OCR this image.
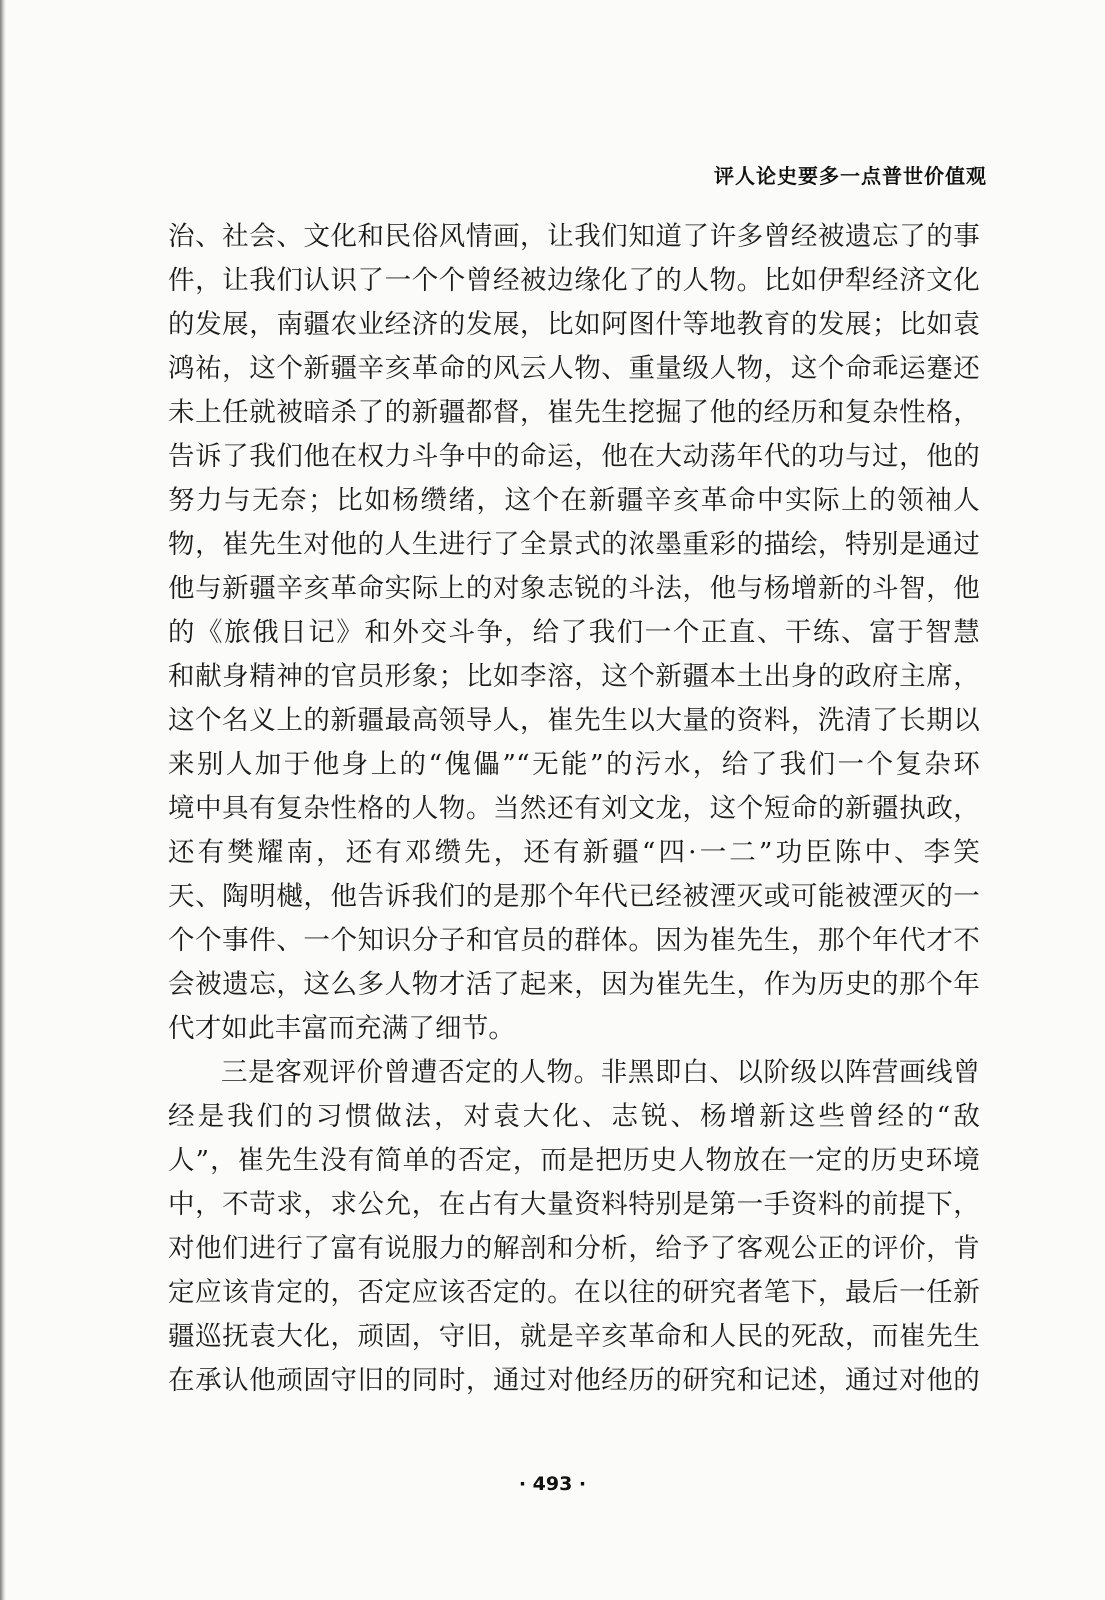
评人论史要多一点普世价值观
治、社会、文化和民俗风情画，让我们知道了许多曾经被遗忘了的事
件，让我们认识了一个个曾经被边缘化了的人物。比如伊犁经济文化
的发展，南疆农业经济的发展，比如阿图什等地教育的发展；比如袁
鸿祐，这个新疆辛亥革命的风云人物、重量级人物，这个命乖运蹇还
未上任就被暗杀了的新疆都督，崔先生挖掘了他的经历和复杂性格，
告诉了我们他在权力斗争中的命运，他在大动荡年代的功与过，他的
努力与无奈；比如杨缵绪，这个在新疆辛亥革命中实际上的领袖人
物，崔先生对他的人生进行了全景式的浓墨重彩的描绘，特别是通过
他与新疆辛亥革命实际上的对象志锐的斗法，他与杨增新的斗智，他
的《旅俄日记》和外交斗争，给了我们一个正直、干练、富于智慧
和献身精神的官员形象；比如李溶，这个新疆本土出身的政府主席，
这个名义上的新疆最高领导人，崔先生以大量的资料，洗清了长期以
来别人加于他身上的“傀儡”“无能”的污水，给了我们一个复杂环
境中具有复杂性格的人物。当然还有刘文龙，这个短命的新疆执政，
还有樊耀南，还有邓缵先，还有新疆“四·一二”功臣陈中、李笑
天、陶明樾，他告诉我们的是那个年代已经被湮灭或可能被湮灭的一
个个事件、一个知识分子和官员的群体。因为崔先生，那个年代才不
会被遗忘，这么多人物才活了起来，因为崔先生，作为历史的那个年
代才如此丰富而充满了细节。
三是客观评价曾遭否定的人物。非黑即白、以阶级以阵营画线曾
经是我们的习惯做法，对袁大化、志锐、杨增新这些曾经的“敌
人”，崔先生没有简单的否定，而是把历史人物放在一定的历史环境
中，不苛求，求公允，在占有大量资料特别是第一手资料的前提下，
对他们进行了富有说服力的解剖和分析，给予了客观公正的评价，肯
定应该肯定的，否定应该否定的。在以往的研究者笔下，最后一任新
疆巡抚袁大化，顽固，守旧，就是辛亥革命和人民的死敌，而崔先生
在承认他顽固守旧的同时，通过对他经历的研究和记述，通过对他的
· 493 ·
